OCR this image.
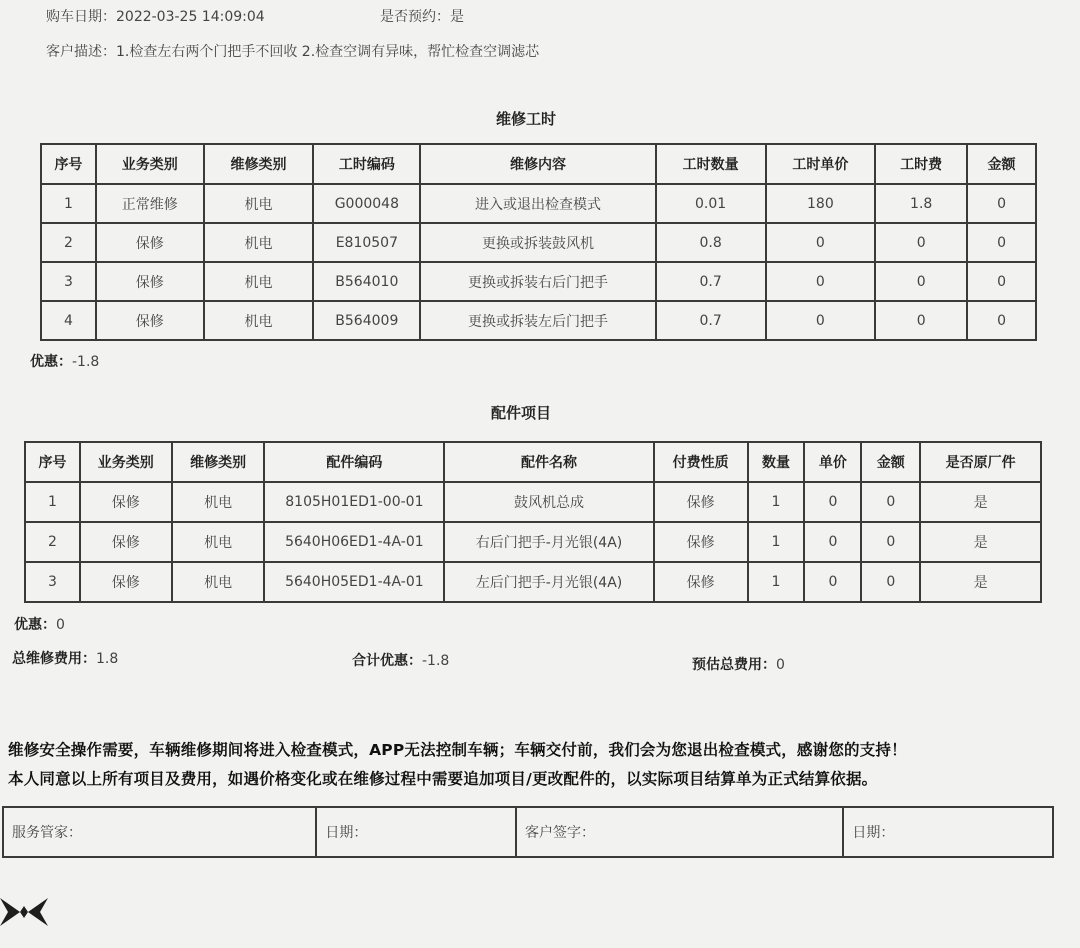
购车日期：2022-03-25 14:09:04	是否预约：是
客户描述：1.检查左右两个门把手不回收 2.检查空调有异味，帮忙检查空调滤芯
维修工时
序号	业务类别	维修类别	工时编码	维修内容	工时数量	工时单价	工时费	金额
1	正常维修	机电	G000048	进入或退出检查模式	0.01	180	1.8	0
2	保修	机电	E810507	更换或拆装鼓风机	0.8	0	0	0
3	保修	机电	B564010	更换或拆装右后门把手	0.7	0	0	0
4	保修	机电	B564009	更换或拆装左后门把手	0.7	0	0	0
优惠：-1.8
配件项目
序号	业务类别	维修类别	配件编码	配件名称	付费性质	数量	单价	金额	是否原厂件
1	保修	机电	8105H01ED1-00-01	鼓风机总成	保修	1	0	0	是
2	保修	机电	5640H06ED1-4A-01	右后门把手-月光银(4A)	保修	1	0	0	是
3	保修	机电	5640H05ED1-4A-01	左后门把手-月光银(4A)	保修	1	0	0	是
优惠：0
总维修费用：1.8	合计优惠：-1.8	预估总费用：0
维修安全操作需要，车辆维修期间将进入检查模式，APP无法控制车辆；车辆交付前，我们会为您退出检查模式，感谢您的支持！
本人同意以上所有项目及费用，如遇价格变化或在维修过程中需要追加项目/更改配件的，以实际项目结算单为正式结算依据。
服务管家：	日期：	客户签字：	日期：
